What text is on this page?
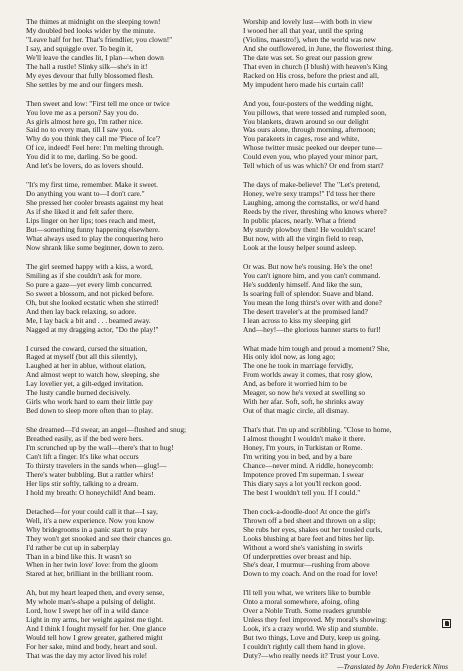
The thimes at midnight on the sleeping town!
My doubled bed looks wider by the minute.
"Leave half for her. That's friendlier, you clown!"
I say, and squiggle over. To begin it,
We'll leave the candles lit, I plan—when down
The hall a rustle! Slinky silk—she's in it!
My eyes devour that fully blossomed flesh.
She settles by me and our fingers mesh.
Then sweet and low: "First tell me once or twice
You love me as a person? Say you do.
As girls almost here go, I'm rather nice.
Said no to every man, till I saw you.
Why do you think they call me 'Piece of Ice'?
Of ice, indeed! Feel here: I'm melting through.
You did it to me, darling. So be good.
And let's be lovers, do as lovers should.
"It's my first time, remember. Make it sweet.
Do anything you want to—I don't care."
She pressed her cooler breasts against my heat
As if she liked it and felt safer there.
Lips linger on her lips; toes reach and meet,
But—something funny happening elsewhere.
What always used to play the conquering hero
Now shrank like some beginner, down to zero.
The girl seemed happy with a kiss, a word,
Smiling as if she couldn't ask for more.
So pure a gaze—yet every limb concurred.
So sweet a blossom, and not picked before.
Oh, but she looked ecstatic when she stirred!
And then lay back relaxing, so adore.
Me, I lay back a bit and . . . beamed away.
Nagged at my dragging actor, "Do the play!"
I cursed the coward, cursed the situation,
Raged at myself (but all this silently),
Laughed at her in ablue, without elation,
And almost wept to watch how, sleeping, she
Lay lovelier yet, a gilt-edged invitation.
The lusty candle burned decisively.
Girls who work hard to earn their little pay
Bed down to sleep more often than to play.
She dreamed—I'd swear, an angel—flushed and snug;
Breathed easily, as if the bed were hers.
I'm scrunched up by the wall—there's that to hug!
Can't lift a finger. It's like what occurs
To thirsty travelers in the sands when—glug!—
There's water bubbling. But a rattler whirs!
Her lips stir softly, talking to a dream.
I hold my breath: O honeychild! And beam.
Detached—for your could call it that—I say,
Well, it's a new experience. Now you know
Why bridegrooms in a panic start to pray
They won't get snooked and see their chances go.
I'd rather be cut up in saberplay
Than in a bind like this. It wasn't so
When in her twin love' love: from the gloom
Stared at her, brilliant in the brilliant room.
Ah, but my heart leaped then, and every sense,
My whole man's-shape a pulsing of delight.
Lord, how I swept her off in a wild dance
Light in my arms, her weight against me tight.
And I think I fought myself for her. One glance
Would tell how I grew greater, gathered might
For her sake, mind and body, heart and soul.
That was the day my actor lived his role!
Worship and lovely lust—with both in view
I wooed her all that year, until the spring
(Violins, maestro!), when the world was new
And she outflowered, in June, the floweriest thing.
The date was set. So great our passion grew
That even in church (I blush) with heaven's King
Racked on His cross, before the priest and all,
My impudent hero made his curtain call!
And you, four-posters of the wedding night,
You pillows, that were tossed and rumpled soon,
You blankets, drawn around so our delight
Was ours alone, through morning, afternoon;
You parakeets in cages, rose and white,
Whose twitter music peeked our deeper tune—
Could even you, who played your minor part,
Tell which of us was which? Or end from start?
The days of make-believe! The "Let's pretend,
Honey, we're sexy tramps!" I'd toss her there
Laughing, among the cornstalks, or we'd hand
Reeds by the river, threshing who knows where?
In public places, nearly. What a friend
My sturdy plowboy then! He wouldn't scare!
But now, with all the virgin field to reap,
Look at the lousy helper sound asleep.
Or was. But now he's rousing. He's the one!
You can't ignore him, and you can't command.
He's suddenly himself. And like the sun,
Is soaring full of splendor. Suave and bland.
You mean the long thirst's over with and done?
The desert traveler's at the promised land?
I lean across to kiss my sleeping girl
And—hey!—the glorious banner starts to furl!
What made him tough and proud a moment? She,
His only idol now, as long ago;
The one he took in marriage fervidly,
From worlds away it comes, that rosy glow,
And, as before it worried him to be
Meager, so now he's vexed at swelling so
With her afar. Soft, soft, he shrinks away
Out of that magic circle, all dismay.
That's that. I'm up and scribbling. "Close to home,
I almost thought I wouldn't make it there.
Honey, I'm yours, in Turkistan or Rome.
I'm writing you in bed, and by a bare
Chance—never mind. A riddle, honeycomb:
Impotence proved I'm superman. I swear
This diary says a lot you'll reckon good.
The best I wouldn't tell you. If I could."
Then cock-a-doodle-doo! At once the girl's
Thrown off a bed sheet and thrown on a slip;
She rubs her eyes, shakes out her tousled curls,
Looks blushing at bare feet and bites her lip.
Without a word she's vanishing in swirls
Of underpretties over breast and hip.
She's dear, I murmur—rushing from above
Down to my coach. And on the road for love!
I'll tell you what, we writers like to bumble
Onto a moral somewhere, afoing, ofing
Over a Noble Truth. Some readers grumble
Unless they feel improved. My moral's showing:
Look, it's a crazy world. We slip and stumble.
But two things, Love and Duty, keep us going.
I couldn't rightly call them hand in glove.
Duty?—who really needs it? Trust your Love.
—Translated by John Frederick Nims
